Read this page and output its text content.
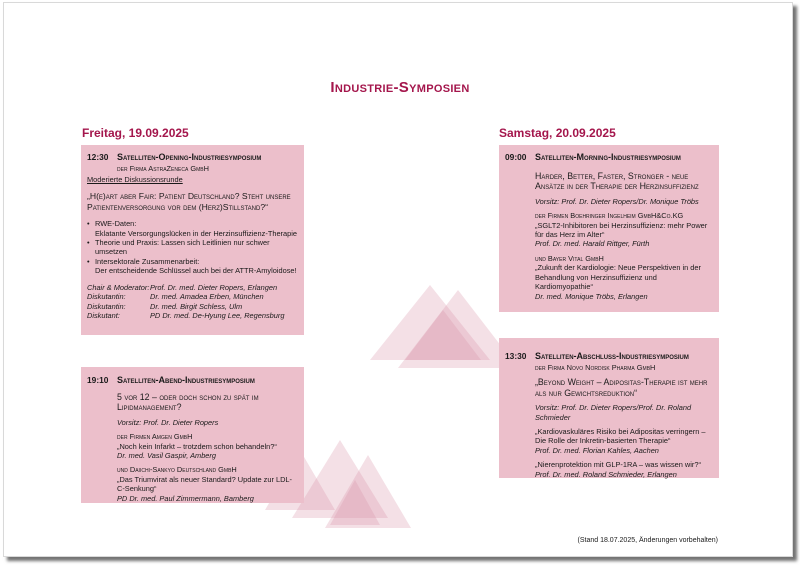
Industrie-Symposien
Freitag, 19.09.2025	Samstag, 20.09.2025
12:30 Satelliten-Opening-Industriesymposium
der Firma AstraZeneca GmbH
Moderierte Diskussionsrunde
„H(e)art aber Fair: Patient Deutschland? Steht unsere Patientenversorgung vor dem (Herz)Stillstand?“
• RWE-Daten:
Eklatante Versorgungslücken in der Herzinsuffizienz-Therapie
• Theorie und Praxis: Lassen sich Leitlinien nur schwer umsetzen
• Intersektorale Zusammenarbeit:
Der entscheidende Schlüssel auch bei der ATTR-Amyloidose!
Chair & Moderator: Prof. Dr. med. Dieter Ropers, Erlangen
Diskutantin:	Dr. med. Amadea Erben, München
Diskutantin:	Dr. med. Birgit Schless, Ulm
Diskutant:	PD Dr. med. De-Hyung Lee, Regensburg
19:10 Satelliten-Abend-Industriesymposium
5 vor 12 – oder doch schon zu spät im Lipidmanagement?
Vorsitz: Prof. Dr. Dieter Ropers
der Firmen Amgen GmbH
„Noch kein Infarkt – trotzdem schon behandeln?“
Dr. med. Vasil Gaspir, Amberg
und Daiichi-Sankyo Deutschland GmbH
„Das Triumvirat als neuer Standard? Update zur LDL-C-Senkung“
PD Dr. med. Paul Zimmermann, Bamberg
09:00 Satelliten-Morning-Industriesymposium
Harder, Better, Faster, Stronger - neue Ansätze in der Therapie der Herzinsuffizienz
Vorsitz: Prof. Dr. Dieter Ropers/Dr. Monique Tröbs
der Firmen Boehringer Ingelheim GmbH&Co.KG
„SGLT2-Inhibitoren bei Herzinsuffizienz: mehr Power für das Herz im Alter“
Prof. Dr. med. Harald Rittger, Fürth
und Bayer Vital GmbH
„Zukunft der Kardiologie: Neue Perspektiven in der Behandlung von Herzinsuffizienz und Kardiomyopathie“
Dr. med. Monique Tröbs, Erlangen
13:30 Satelliten-Abschluss-Industriesymposium
der Firma Novo Nordisk Pharma GmbH
„Beyond Weight – Adipositas-Therapie ist mehr als nur Gewichtsreduktion“
Vorsitz: Prof. Dr. Dieter Ropers/Prof. Dr. Roland Schmieder
„Kardiovaskuläres Risiko bei Adipositas verringern – Die Rolle der Inkretin-basierten Therapie“
Prof. Dr. med. Florian Kahles, Aachen
„Nierenprotektion mit GLP-1RA – was wissen wir?“
Prof. Dr. med. Roland Schmieder, Erlangen
(Stand 18.07.2025, Änderungen vorbehalten)
